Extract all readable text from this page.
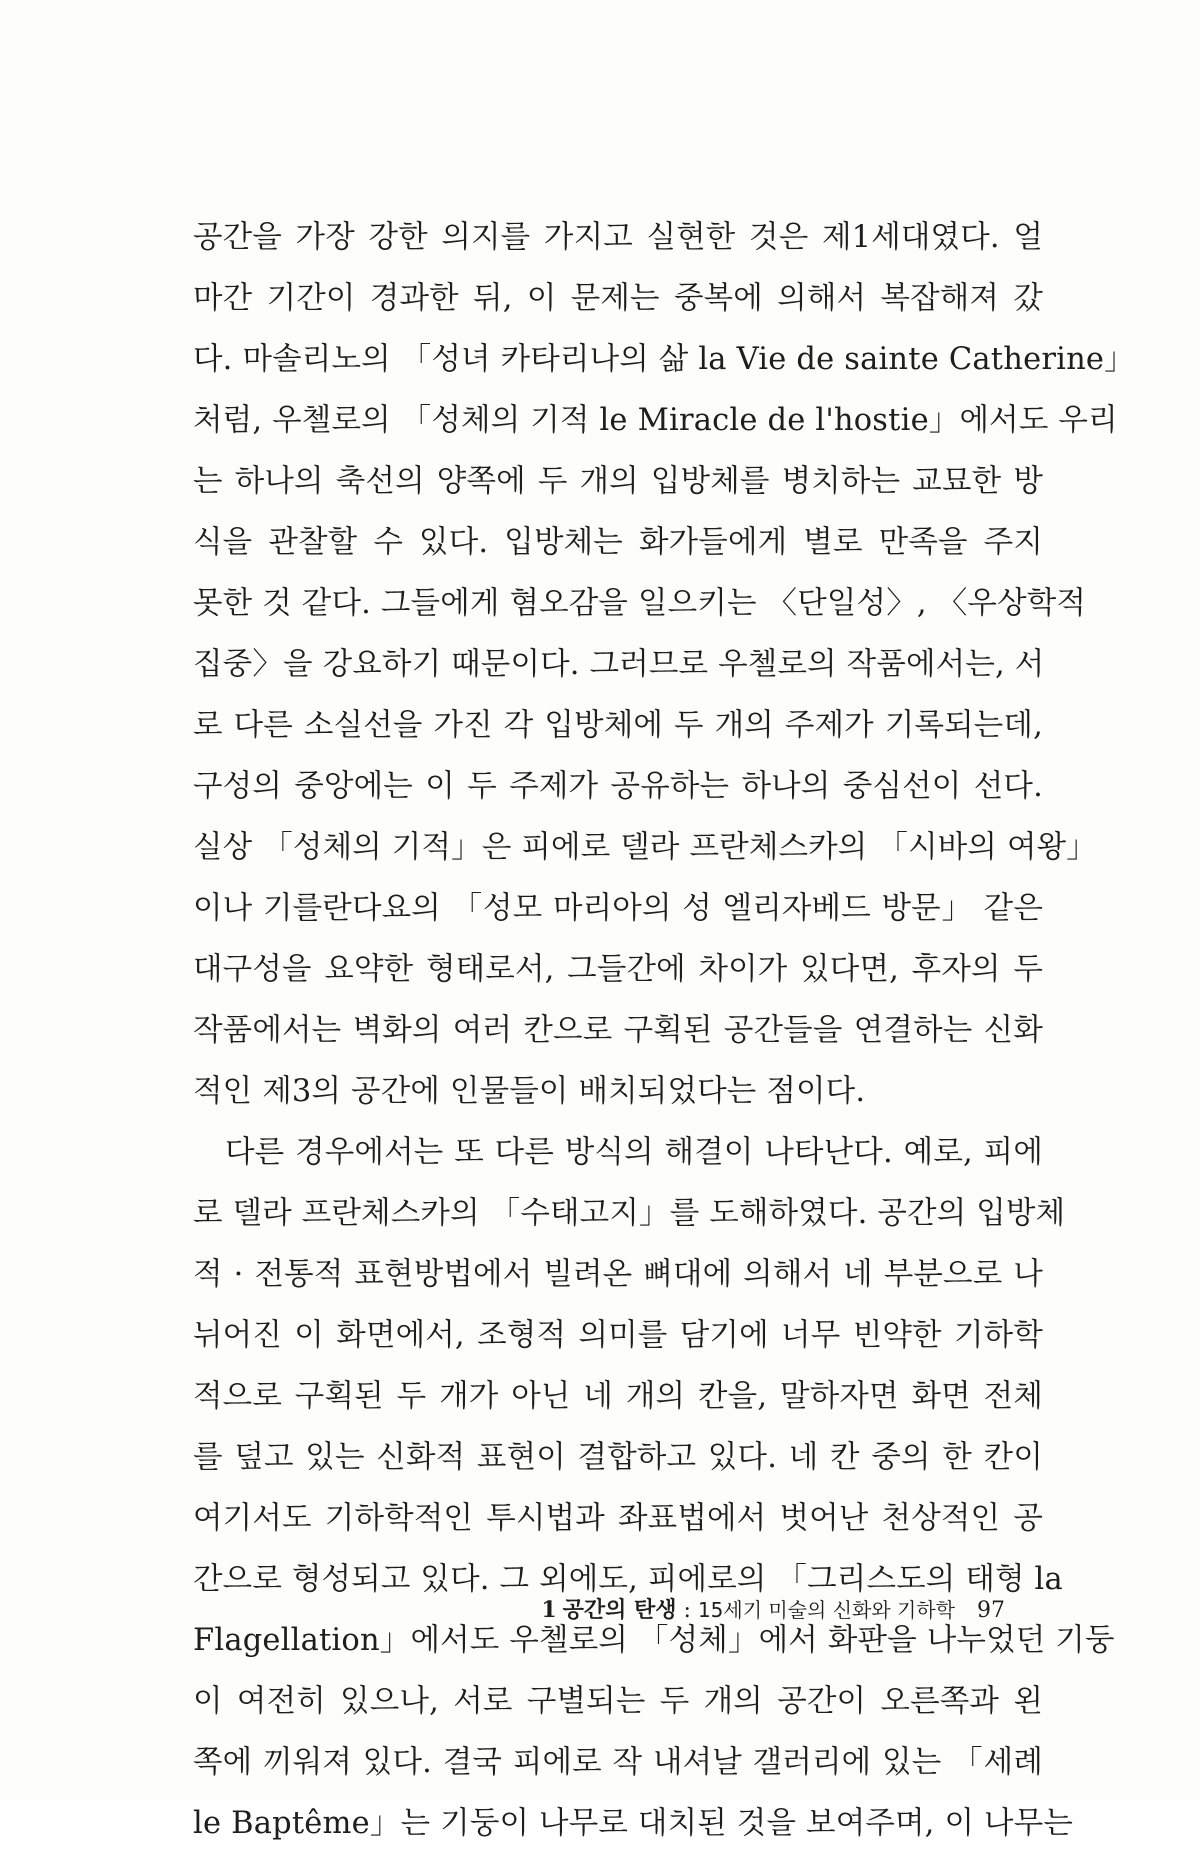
공간을 가장 강한 의지를 가지고 실현한 것은 제1세대였다. 얼
마간 기간이 경과한 뒤, 이 문제는 중복에 의해서 복잡해져 갔
다. 마솔리노의 「성녀 카타리나의 삶 la Vie de sainte Catherine」
처럼, 우첼로의 「성체의 기적 le Miracle de l'hostie」에서도 우리
는 하나의 축선의 양쪽에 두 개의 입방체를 병치하는 교묘한 방
식을 관찰할 수 있다. 입방체는 화가들에게 별로 만족을 주지
못한 것 같다. 그들에게 혐오감을 일으키는 〈단일성〉, 〈우상학적
집중〉을 강요하기 때문이다. 그러므로 우첼로의 작품에서는, 서
로 다른 소실선을 가진 각 입방체에 두 개의 주제가 기록되는데,
구성의 중앙에는 이 두 주제가 공유하는 하나의 중심선이 선다.
실상 「성체의 기적」은 피에로 델라 프란체스카의 「시바의 여왕」
이나 기를란다요의 「성모 마리아의 성 엘리자베드 방문」 같은
대구성을 요약한 형태로서, 그들간에 차이가 있다면, 후자의 두
작품에서는 벽화의 여러 칸으로 구획된 공간들을 연결하는 신화
적인 제3의 공간에 인물들이 배치되었다는 점이다.
다른 경우에서는 또 다른 방식의 해결이 나타난다. 예로, 피에
로 델라 프란체스카의 「수태고지」를 도해하였다. 공간의 입방체
적 · 전통적 표현방법에서 빌려온 뼈대에 의해서 네 부분으로 나
뉘어진 이 화면에서, 조형적 의미를 담기에 너무 빈약한 기하학
적으로 구획된 두 개가 아닌 네 개의 칸을, 말하자면 화면 전체
를 덮고 있는 신화적 표현이 결합하고 있다. 네 칸 중의 한 칸이
여기서도 기하학적인 투시법과 좌표법에서 벗어난 천상적인 공
간으로 형성되고 있다. 그 외에도, 피에로의 「그리스도의 태형 la
Flagellation」에서도 우첼로의 「성체」에서 화판을 나누었던 기둥
이 여전히 있으나, 서로 구별되는 두 개의 공간이 오른쪽과 왼
쪽에 끼워져 있다. 결국 피에로 작 내셔날 갤러리에 있는 「세례
le Baptême」는 기둥이 나무로 대치된 것을 보여주며, 이 나무는
1 공간의 탄생 : 15세기 미술의 신화와 기하학 97
